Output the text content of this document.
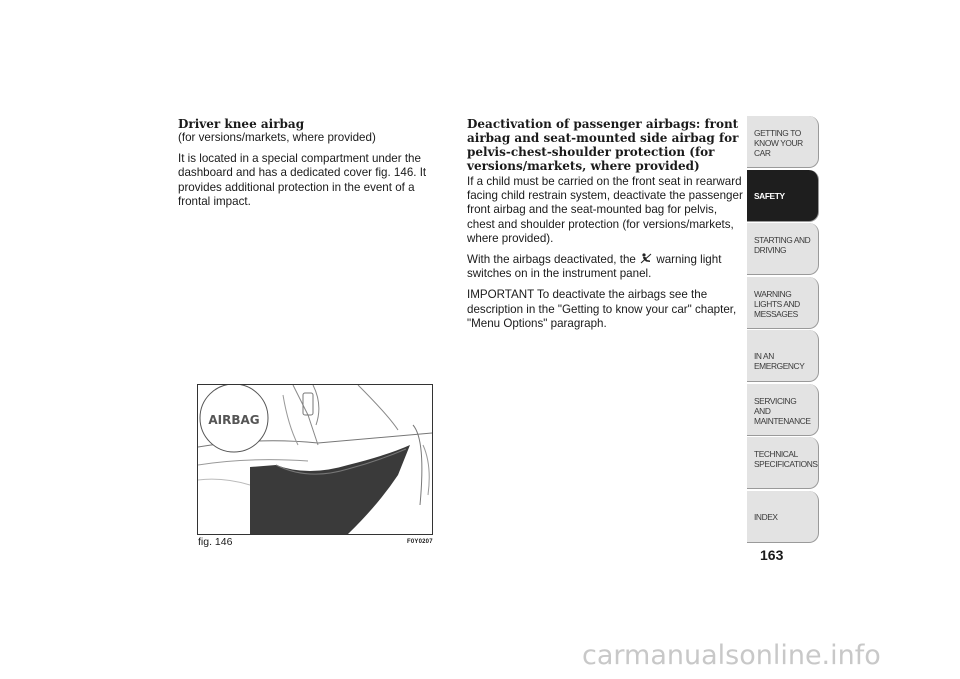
Driver knee airbag

(for versions/markets, where provided)

It is located in a special compartment under the dashboard and has a dedicated cover fig. 146. It provides additional protection in the event of a frontal impact.

Deactivation of passenger airbags: front airbag and seat-mounted side airbag for pelvis-chest-shoulder protection (for versions/markets, where provided)

If a child must be carried on the front seat in rearward facing child restrain system, deactivate the passenger front airbag and the seat-mounted bag for pelvis, chest and shoulder protection (for versions/markets, where provided).

With the airbags deactivated, the warning light switches on in the instrument panel.

IMPORTANT To deactivate the airbags see the description in the "Getting to know your car" chapter, "Menu Options" paragraph.

AIRBAG
fig. 146	F0Y0207
GETTING TO KNOW YOUR CAR
SAFETY
STARTING AND DRIVING
WARNING LIGHTS AND MESSAGES
IN AN EMERGENCY
SERVICING AND MAINTENANCE
TECHNICAL SPECIFICATIONS
INDEX
163
carmanualsonline.info
